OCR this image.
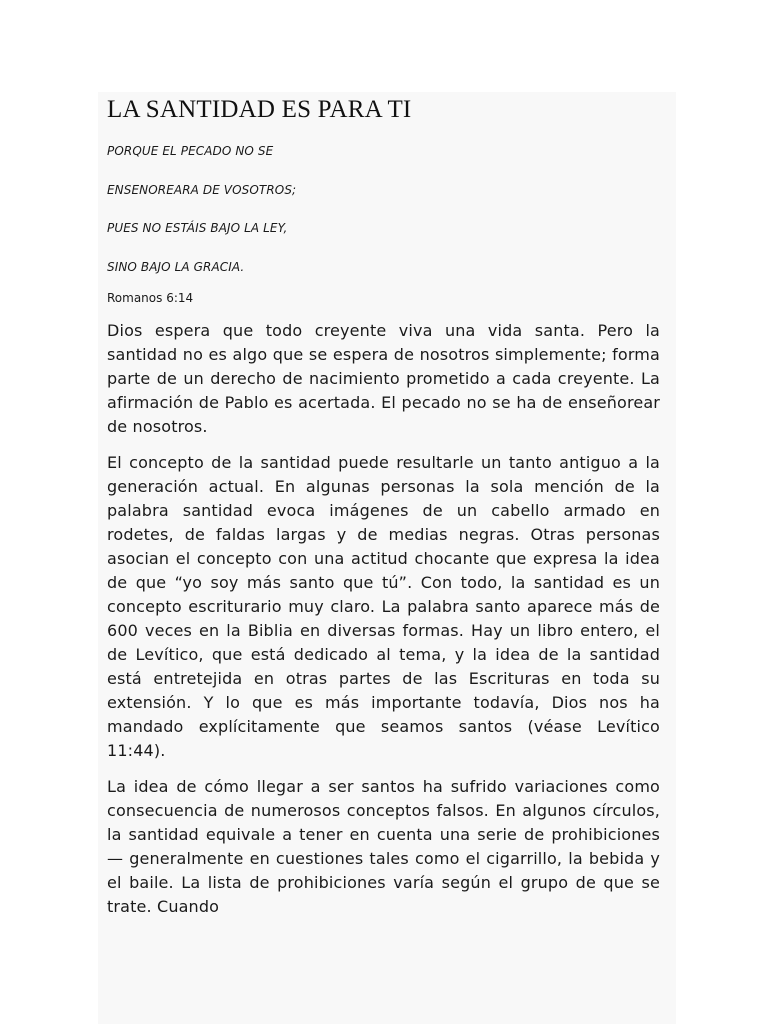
LA SANTIDAD ES PARA TI

PORQUE EL PECADO NO SE

ENSENOREARA DE VOSOTROS;

PUES NO ESTÁIS BAJO LA LEY,

SINO BAJO LA GRACIA.

Romanos 6:14

Dios espera que todo creyente viva una vida santa. Pero la santidad no es algo que se espera de nosotros simplemente; forma parte de un derecho de nacimiento prometido a cada creyente. La afirmación de Pablo es acertada. El pecado no se ha de enseñorear de nosotros.

El concepto de la santidad puede resultarle un tanto antiguo a la generación actual. En algunas personas la sola mención de la palabra santidad evoca imágenes de un cabello armado en rodetes, de faldas largas y de medias negras. Otras personas asocian el concepto con una actitud chocante que expresa la idea de que “yo soy más santo que tú”. Con todo, la santidad es un concepto escriturario muy claro. La palabra santo aparece más de 600 veces en la Biblia en diversas formas. Hay un libro entero, el de Levítico, que está dedicado al tema, y la idea de la santidad está entretejida en otras partes de las Escrituras en toda su extensión. Y lo que es más importante todavía, Dios nos ha mandado explícitamente que seamos santos (véase Levítico 11:44).

La idea de cómo llegar a ser santos ha sufrido variaciones como consecuencia de numerosos conceptos falsos. En algunos círculos, la santidad equivale a tener en cuenta una serie de prohibiciones — generalmente en cuestiones tales como el cigarrillo, la bebida y el baile. La lista de prohibiciones varía según el grupo de que se trate. Cuando
